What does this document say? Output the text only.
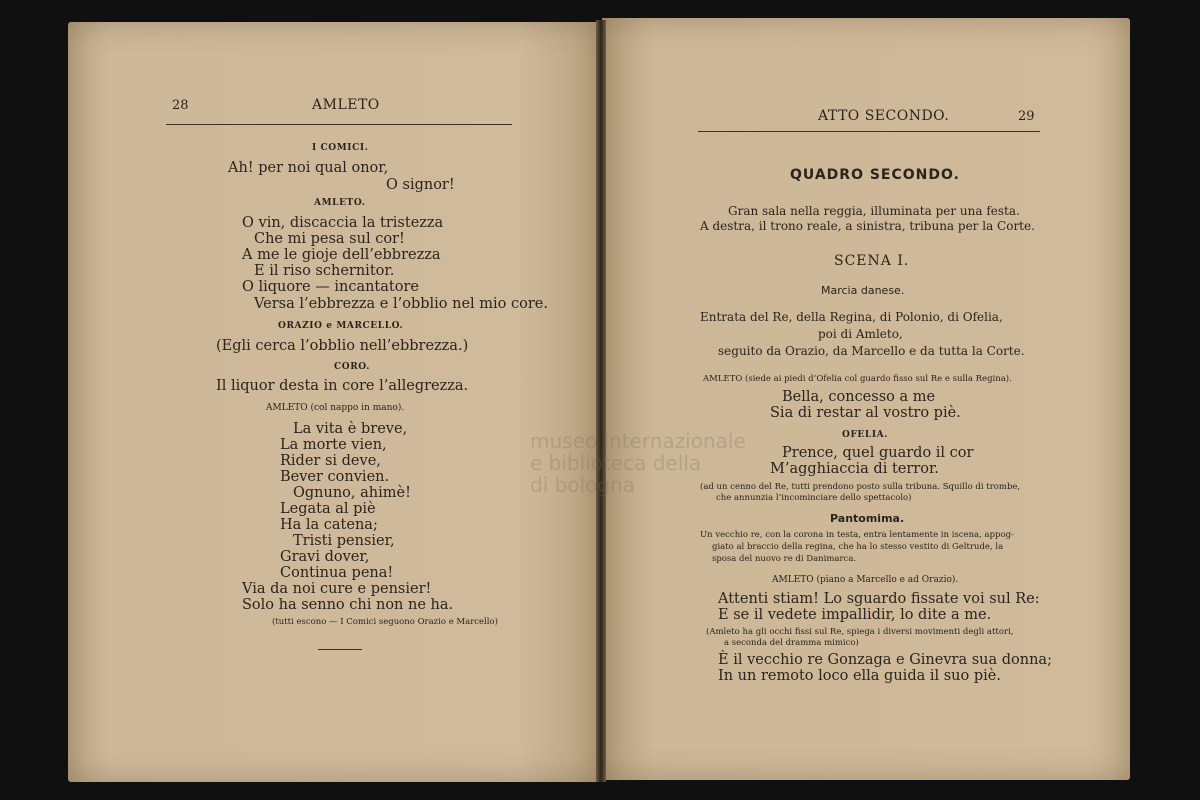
28	AMLETO
I COMICI.
Ah! per noi qual onor,
O signor!
AMLETO.
O vin, discaccia la tristezza
Che mi pesa sul cor!
A me le gioje dell’ebbrezza
E il riso schernitor.
O liquore — incantatore
Versa l’ebbrezza e l’obblio nel mio core.
ORAZIO e MARCELLO.
(Egli cerca l’obblio nell’ebbrezza.)
CORO.
Il liquor desta in core l’allegrezza.
AMLETO (col nappo in mano).
La vita è breve,
La morte vien,
Rider si deve,
Bever convien.
Ognuno, ahimè!
Legata al piè
Ha la catena;
Tristi pensier,
Gravi dover,
Continua pena!
Via da noi cure e pensier!
Solo ha senno chi non ne ha.
(tutti escono — I Comici seguono Orazio e Marcello)
ATTO SECONDO.	29
QUADRO SECONDO.
Gran sala nella reggia, illuminata per una festa.
A destra, il trono reale, a sinistra, tribuna per la Corte.
SCENA I.
Marcia danese.
Entrata del Re, della Regina, di Polonio, di Ofelia,
poi di Amleto,
seguito da Orazio, da Marcello e da tutta la Corte.
AMLETO (siede ai piedi d’Ofelia col guardo fisso sul Re e sulla Regina).
Bella, concesso a me
Sia di restar al vostro piè.
OFELIA.
Prence, quel guardo il cor
M’agghiaccia di terror.
(ad un cenno del Re, tutti prendono posto sulla tribuna. Squillo di trombe,
che annunzia l’incominciare dello spettacolo)
Pantomima.
Un vecchio re, con la corona in testa, entra lentamente in iscena, appog-
giato al braccio della regina, che ha lo stesso vestito di Geltrude, la
sposa del nuovo re di Danimarca.
AMLETO (piano a Marcello e ad Orazio).
Attenti stiam! Lo sguardo fissate voi sul Re:
E se il vedete impallidir, lo dite a me.
(Amleto ha gli occhi fissi sul Re, spiega i diversi movimenti degli attori,
a seconda del dramma mimico)
È il vecchio re Gonzaga e Ginevra sua donna;
In un remoto loco ella guida il suo piè.
museo internazionale
e biblioteca della
di bologna
